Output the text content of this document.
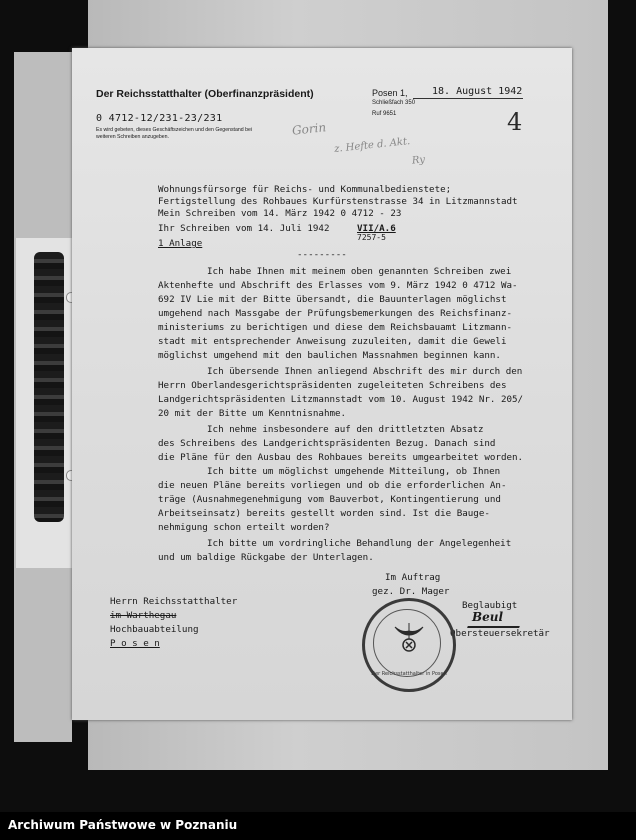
Der Reichsstatthalter (Oberfinanzpräsident)
0 4712-12/231-23/231
Es wird gebeten, dieses Geschäftszeichen und den Gegenstand bei weiteren Schreiben anzugeben.
Posen 1, 18. August 1942
Schließfach 350
Ruf 9651	4
Gorin
z. Hefte d. Akt.
Ry
Wohnungsfürsorge für Reichs- und Kommunalbedienstete;
Fertigstellung des Rohbaues Kurfürstenstrasse 34 in Litzmannstadt
Mein Schreiben vom 14. März 1942 0 4712 - 23
Ihr Schreiben vom 14. Juli 1942	VII/A.6
7257-5
1 Anlage
---------
Ich habe Ihnen mit meinem oben genannten Schreiben zwei
Aktenhefte und Abschrift des Erlasses vom 9. März 1942 0 4712 Wa-
692 IV Lie mit der Bitte übersandt, die Bauunterlagen möglichst
umgehend nach Massgabe der Prüfungsbemerkungen des Reichsfinanz-
ministeriums zu berichtigen und diese dem Reichsbauamt Litzmann-
stadt mit entsprechender Anweisung zuzuleiten, damit die Geweli
möglichst umgehend mit den baulichen Massnahmen beginnen kann.
Ich übersende Ihnen anliegend Abschrift des mir durch den
Herrn Oberlandesgerichtspräsidenten zugeleiteten Schreibens des
Landgerichtspräsidenten Litzmannstadt vom 10. August 1942 Nr. 205/
20 mit der Bitte um Kenntnisnahme.
Ich nehme insbesondere auf den drittletzten Absatz
des Schreibens des Landgerichtspräsidenten Bezug. Danach sind
die Pläne für den Ausbau des Rohbaues bereits umgearbeitet worden.
Ich bitte um möglichst umgehende Mitteilung, ob Ihnen
die neuen Pläne bereits vorliegen und ob die erforderlichen An-
träge (Ausnahmegenehmigung vom Bauverbot, Kontingentierung und
Arbeitseinsatz) bereits gestellt worden sind. Ist die Bauge-
nehmigung schon erteilt worden?
Ich bitte um vordringliche Behandlung der Angelegenheit
und um baldige Rückgabe der Unterlagen.
Im Auftrag
gez. Dr. Mager
Beglaubigt
Beul
Obersteuersekretär
Herrn Reichsstatthalter
im Warthegau
Hochbauabteilung
P o s e n
Der Reichsstatthalter in Posen
Archiwum Państwowe w Poznaniu
